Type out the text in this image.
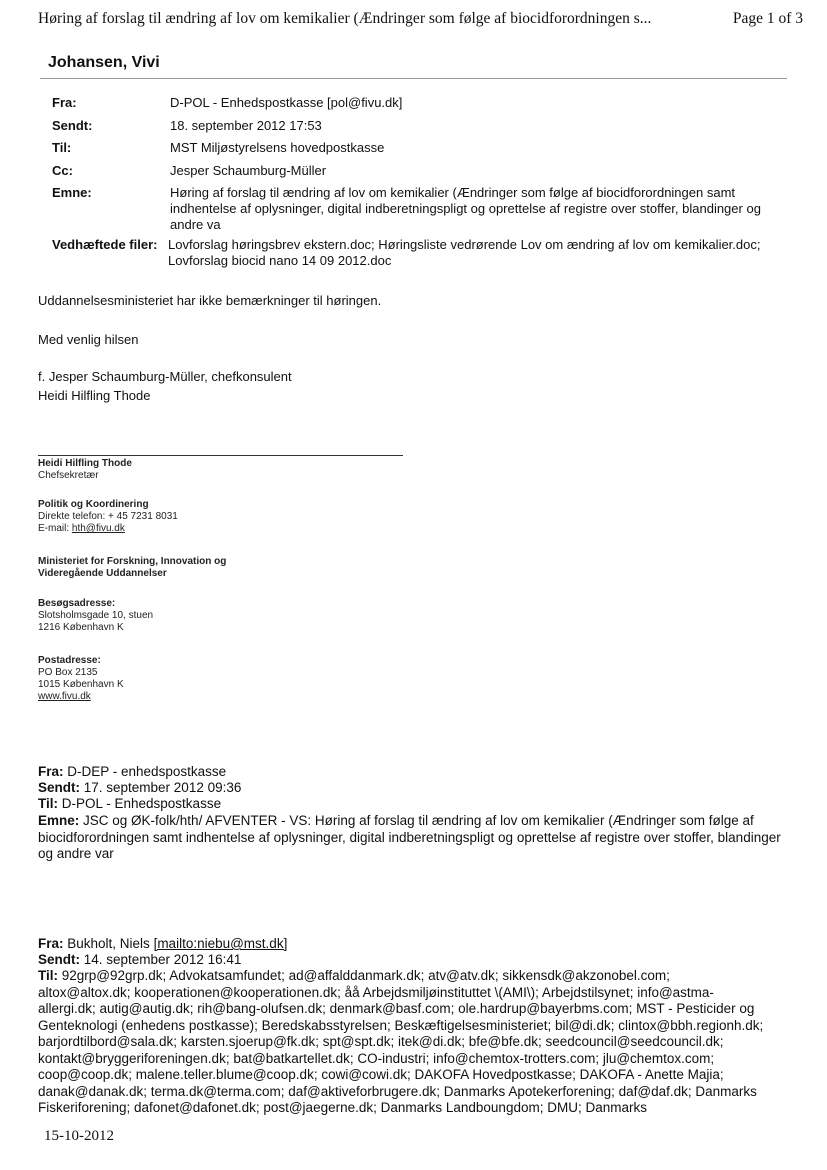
Høring af forslag til ændring af lov om kemikalier (Ændringer som følge af biocidforordningen s...	Page 1 of 3
Johansen, Vivi
Fra:	D-POL - Enhedspostkasse [pol@fivu.dk]
Sendt:	18. september 2012 17:53
Til:	MST Miljøstyrelsens hovedpostkasse
Cc:	Jesper Schaumburg-Müller
Emne:	Høring af forslag til ændring af lov om kemikalier (Ændringer som følge af biocidforordningen samt indhentelse af oplysninger, digital indberetningspligt og oprettelse af registre over stoffer, blandinger og andre va
Vedhæftede filer: Lovforslag høringsbrev ekstern.doc; Høringsliste vedrørende Lov om ændring af lov om kemikalier.doc; Lovforslag biocid nano 14 09 2012.doc
Uddannelsesministeriet har ikke bemærkninger til høringen.
Med venlig hilsen
f. Jesper Schaumburg-Müller, chefkonsulent
Heidi Hilfling Thode
Heidi Hilfling Thode
Chefsekretær
Politik og Koordinering
Direkte telefon: + 45 7231 8031
E-mail: hth@fivu.dk
Ministeriet for Forskning, Innovation og
Videregående Uddannelser
Besøgsadresse:
Slotsholmsgade 10, stuen
1216 København K
Postadresse:
PO Box 2135
1015 København K
www.fivu.dk
Fra: D-DEP - enhedspostkasse
Sendt: 17. september 2012 09:36
Til: D-POL - Enhedspostkasse
Emne: JSC og ØK-folk/hth/ AFVENTER - VS: Høring af forslag til ændring af lov om kemikalier (Ændringer som følge af biocidforordningen samt indhentelse af oplysninger, digital indberetningspligt og oprettelse af registre over stoffer, blandinger og andre var
Fra: Bukholt, Niels [mailto:niebu@mst.dk]
Sendt: 14. september 2012 16:41
Til: 92grp@92grp.dk; Advokatsamfundet; ad@affalddanmark.dk; atv@atv.dk; sikkensdk@akzonobel.com;
altox@altox.dk; kooperationen@kooperationen.dk; åå Arbejdsmiljøinstituttet \(AMI\); Arbejdstilsynet; info@astma-
allergi.dk; autig@autig.dk; rih@bang-olufsen.dk; denmark@basf.com; ole.hardrup@bayerbms.com; MST - Pesticider og
Genteknologi (enhedens postkasse); Beredskabsstyrelsen; Beskæftigelsesministeriet; bil@di.dk; clintox@bbh.regionh.dk;
barjordtilbord@sala.dk; karsten.sjoerup@fk.dk; spt@spt.dk; itek@di.dk; bfe@bfe.dk; seedcouncil@seedcouncil.dk;
kontakt@bryggeriforeningen.dk; bat@batkartellet.dk; CO-industri; info@chemtox-trotters.com; jlu@chemtox.com;
coop@coop.dk; malene.teller.blume@coop.dk; cowi@cowi.dk; DAKOFA Hovedpostkasse; DAKOFA - Anette Majia;
danak@danak.dk; terma.dk@terma.com; daf@aktiveforbrugere.dk; Danmarks Apotekerforening; daf@daf.dk; Danmarks
Fiskeriforening; dafonet@dafonet.dk; post@jaegerne.dk; Danmarks Landboungdom; DMU; Danmarks
15-10-2012
